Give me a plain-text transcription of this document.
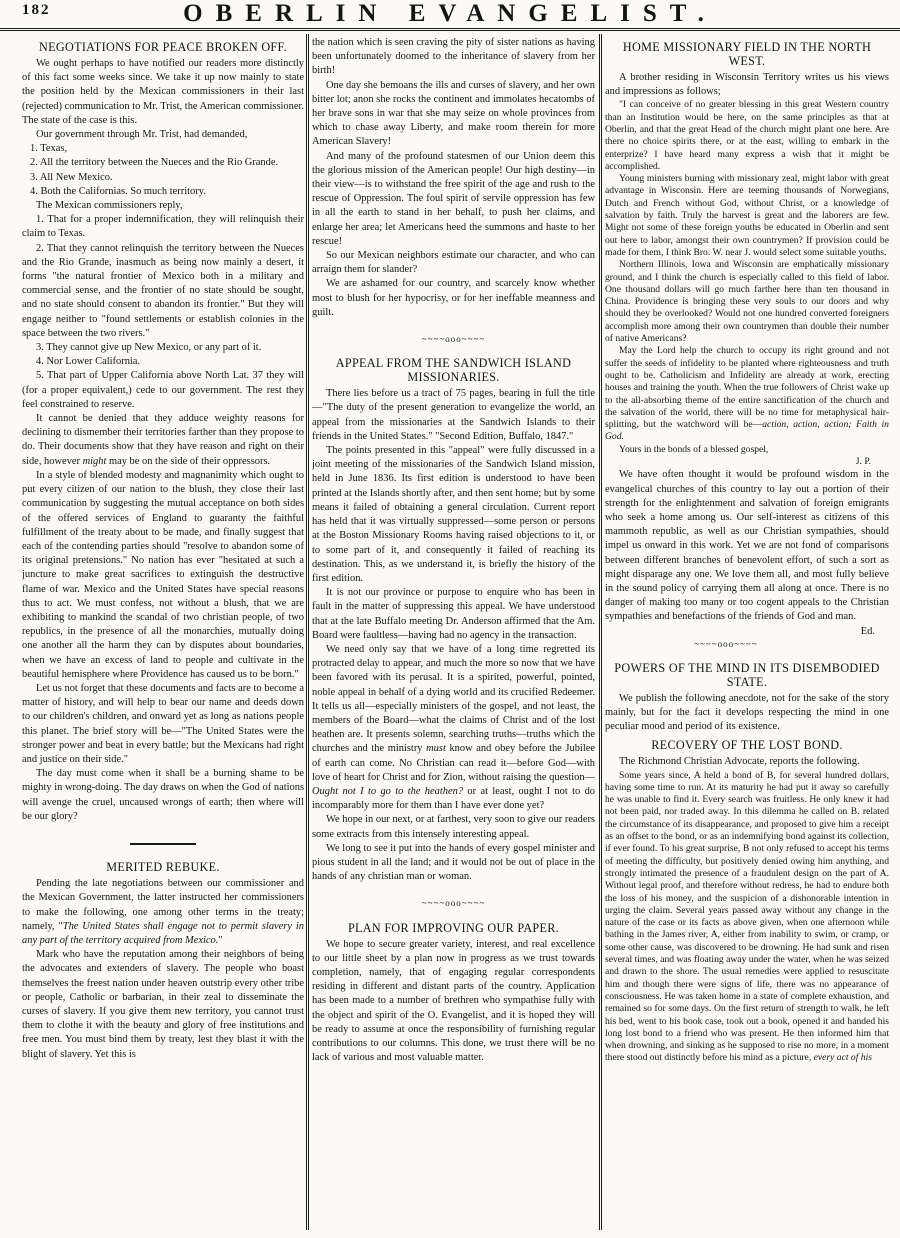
182	OBERLIN EVANGELIST.
NEGOTIATIONS FOR PEACE BROKEN OFF.

We ought perhaps to have notified our readers more distinctly of this fact some weeks since. We take it up now mainly to state the position held by the Mexican commissioners in their last (rejected) communication to Mr. Trist, the American commissioner. The state of the case is this.

Our government through Mr. Trist, had demanded,

1. Texas,

2. All the territory between the Nueces and the Rio Grande.

3. All New Mexico.

4. Both the Californias. So much territory.

The Mexican commissioners reply,

1. That for a proper indemnification, they will relinquish their claim to Texas.

2. That they cannot relinquish the territory between the Nueces and the Rio Grande, inasmuch as being now mainly a desert, it forms "the natural frontier of Mexico both in a military and commercial sense, and the frontier of no state should be sought, and no state should consent to abandon its frontier." But they will engage neither to "found settlements or establish colonies in the space between the two rivers."

3. They cannot give up New Mexico, or any part of it.

4. Nor Lower California.

5. That part of Upper California above North Lat. 37 they will (for a proper equivalent,) cede to our government. The rest they feel constrained to reserve.

It cannot be denied that they adduce weighty reasons for declining to dismember their territories farther than they propose to do. Their documents show that they have reason and right on their side, however might may be on the side of their oppressors.

In a style of blended modesty and magnanimity which ought to put every citizen of our nation to the blush, they close their last communication by suggesting the mutual acceptance on both sides of the offered services of England to guaranty the faithful fulfillment of the treaty about to be made, and finally suggest that each of the contending parties should "resolve to abandon some of its original pretensions." No nation has ever "hesitated at such a juncture to make great sacrifices to extinguish the destructive flame of war. Mexico and the United States have special reasons thus to act. We must confess, not without a blush, that we are exhibiting to mankind the scandal of two christian people, of two republics, in the presence of all the monarchies, mutually doing one another all the harm they can by disputes about boundaries, when we have an excess of land to people and cultivate in the beautiful hemisphere where Providence has caused us to be born."

Let us not forget that these documents and facts are to become a matter of history, and will help to bear our name and deeds down to our children's children, and onward yet as long as nations people this planet. The brief story will be—"The United States were the stronger power and beat in every battle; but the Mexicans had right and justice on their side."

The day must come when it shall be a burning shame to be mighty in wrong-doing. The day draws on when the God of nations will avenge the cruel, uncaused wrongs of earth; then where will be our glory?

MERITED REBUKE.

Pending the late negotiations between our commissioner and the Mexican Government, the latter instructed her commissioners to make the following, one among other terms in the treaty; namely, "The United States shall engage not to permit slavery in any part of the territory acquired from Mexico."

Mark who have the reputation among their neighbors of being the advocates and extenders of slavery. The people who boast themselves the freest nation under heaven outstrip every other tribe or people, Catholic or barbarian, in their zeal to disseminate the curses of slavery. If you give them new territory, you cannot trust them to clothe it with the beauty and glory of free institutions and free men. You must bind them by treaty, lest they blast it with the blight of slavery. Yet this is

the nation which is seen craving the pity of sister nations as having been unfortunately doomed to the inheritance of slavery from her birth!

One day she bemoans the ills and curses of slavery, and her own bitter lot; anon she rocks the continent and immolates hecatombs of her brave sons in war that she may seize on whole provinces from which to chase away Liberty, and make room therein for more American Slavery!

And many of the profound statesmen of our Union deem this the glorious mission of the American people! Our high destiny—in their view—is to withstand the free spirit of the age and rush to the rescue of Oppression. The foul spirit of servile oppression has few in all the earth to stand in her behalf, to push her claims, and enlarge her area; let Americans heed the summons and haste to her rescue!

So our Mexican neighbors estimate our character, and who can arraign them for slander?

We are ashamed for our country, and scarcely know whether most to blush for her hypocrisy, or for her ineffable meanness and guilt.

~~~~ooo~~~~
APPEAL FROM THE SANDWICH ISLAND MISSIONARIES.

There lies before us a tract of 75 pages, bearing in full the title—"The duty of the present generation to evangelize the world, an appeal from the missionaries at the Sandwich Islands to their friends in the United States." "Second Edition, Buffalo, 1847."

The points presented in this "appeal" were fully discussed in a joint meeting of the missionaries of the Sandwich Island mission, held in June 1836. Its first edition is understood to have been printed at the Islands shortly after, and then sent home; but by some means it failed of obtaining a general circulation. Current report has held that it was virtually suppressed—some person or persons at the Boston Missionary Rooms having raised objections to it, or to some part of it, and consequently it failed of reaching its destination. This, as we understand it, is briefly the history of the first edition.

It is not our province or purpose to enquire who has been in fault in the matter of suppressing this appeal. We have understood that at the late Buffalo meeting Dr. Anderson affirmed that the Am. Board were faultless—having had no agency in the transaction.

We need only say that we have of a long time regretted its protracted delay to appear, and much the more so now that we have been favored with its perusal. It is a spirited, powerful, pointed, noble appeal in behalf of a dying world and its crucified Redeemer. It tells us all—especially ministers of the gospel, and not least, the members of the Board—what the claims of Christ and of the lost heathen are. It presents solemn, searching truths—truths which the churches and the ministry must know and obey before the Jubilee of earth can come. No Christian can read it—before God—with love of heart for Christ and for Zion, without raising the question—Ought not I to go to the heathen? or at least, ought I not to do incomparably more for them than I have ever done yet?

We hope in our next, or at farthest, very soon to give our readers some extracts from this intensely interesting appeal.

We long to see it put into the hands of every gospel minister and pious student in all the land; and it would not be out of place in the hands of any christian man or woman.

~~~~ooo~~~~
PLAN FOR IMPROVING OUR PAPER.

We hope to secure greater variety, interest, and real excellence to our little sheet by a plan now in progress as we trust towards completion, namely, that of engaging regular correspondents residing in different and distant parts of the country. Application has been made to a number of brethren who sympathise fully with the object and spirit of the O. Evangelist, and it is hoped they will be ready to assume at once the responsibility of furnishing regular contributions to our columns. This done, we trust there will be no lack of various and most valuable matter.

HOME MISSIONARY FIELD IN THE NORTH WEST.

A brother residing in Wisconsin Territory writes us his views and impressions as follows;

"I can conceive of no greater blessing in this great Western country than an Institution would be here, on the same principles as that at Oberlin, and that the great Head of the church might plant one here. Are there no choice spirits there, or at the east, willing to embark in the enterprize? I have heard many express a wish that it might be accomplished.

Young ministers burning with missionary zeal, might labor with great advantage in Wisconsin. Here are teeming thousands of Norwegians, Dutch and French without God, without Christ, or a knowledge of salvation by faith. Truly the harvest is great and the laborers are few. Might not some of these foreign youths be educated in Oberlin and sent out here to labor, amongst their own countrymen? If provision could be made for them, I think Bro. W. near J. would select some suitable youths.

Northern Illinois, Iowa and Wisconsin are emphatically missionary ground, and I think the church is especially called to this field of labor. One thousand dollars will go much farther here than ten thousand in China. Providence is bringing these very souls to our doors and why should they be overlooked? Would not one hundred converted foreigners accomplish more among their own countrymen than double their number of native Americans?

May the Lord help the church to occupy its right ground and not suffer the seeds of infidelity to be planted where righteousness and truth ought to be. Catholicism and Infidelity are already at work, erecting houses and training the youth. When the true followers of Christ wake up to the all-absorbing theme of the entire sanctification of the church and the salvation of the world, there will be no time for metaphysical hair-splitting, but the watchword will be—action, action, action; Faith in God.

Yours in the bonds of a blessed gospel,

J. P.

We have often thought it would be profound wisdom in the evangelical churches of this country to lay out a portion of their strength for the enlightenment and salvation of foreign emigrants who seek a home among us. Our self-interest as citizens of this mammoth republic, as well as our Christian sympathies, should impel us onward in this work. Yet we are not fond of comparisons between different branches of benevolent effort, of such a sort as might disparage any one. We love them all, and most fully believe in the sound policy of carrying them all along at once. There is no danger of making too many or too cogent appeals to the Christian sympathies and benefactions of the friends of God and man.
Ed.

~~~~ooo~~~~
POWERS OF THE MIND IN ITS DISEMBODIED STATE.

We publish the following anecdote, not for the sake of the story mainly, but for the fact it develops respecting the mind in one peculiar mood and period of its existence.

RECOVERY OF THE LOST BOND.

The Richmond Christian Advocate, reports the following.

Some years since, A held a bond of B, for several hundred dollars, having some time to run. At its maturity he had put it away so carefully he was unable to find it. Every search was fruitless. He only knew it had not been paid, nor traded away. In this dilemma he called on B. related the circumstance of its disappearance, and proposed to give him a receipt as an offset to the bond, or as an indemnifying bond against its collection, if ever found. To his great surprise, B not only refused to accept his terms of meeting the difficulty, but positively denied owing him anything, and strongly intimated the presence of a fraudulent design on the part of A. Without legal proof, and therefore without redress, he had to endure both the loss of his money, and the suspicion of a dishonorable intention in urging the claim. Several years passed away without any change in the nature of the case or its facts as above given, when one afternoon while bathing in the James river, A, either from inability to swim, or cramp, or some other cause, was discovered to be drowning. He had sunk and risen several times, and was floating away under the water, when he was seized and drawn to the shore. The usual remedies were applied to resuscitate him and though there were signs of life, there was no appearance of consciousness. He was taken home in a state of complete exhaustion, and remained so for some days. On the first return of strength to walk, he left his bed, went to his book case, took out a book, opened it and handed his long lost bond to a friend who was present. He then informed him that when drowning, and sinking as he supposed to rise no more, in a moment there stood out distinctly before his mind as a picture, every act of his
